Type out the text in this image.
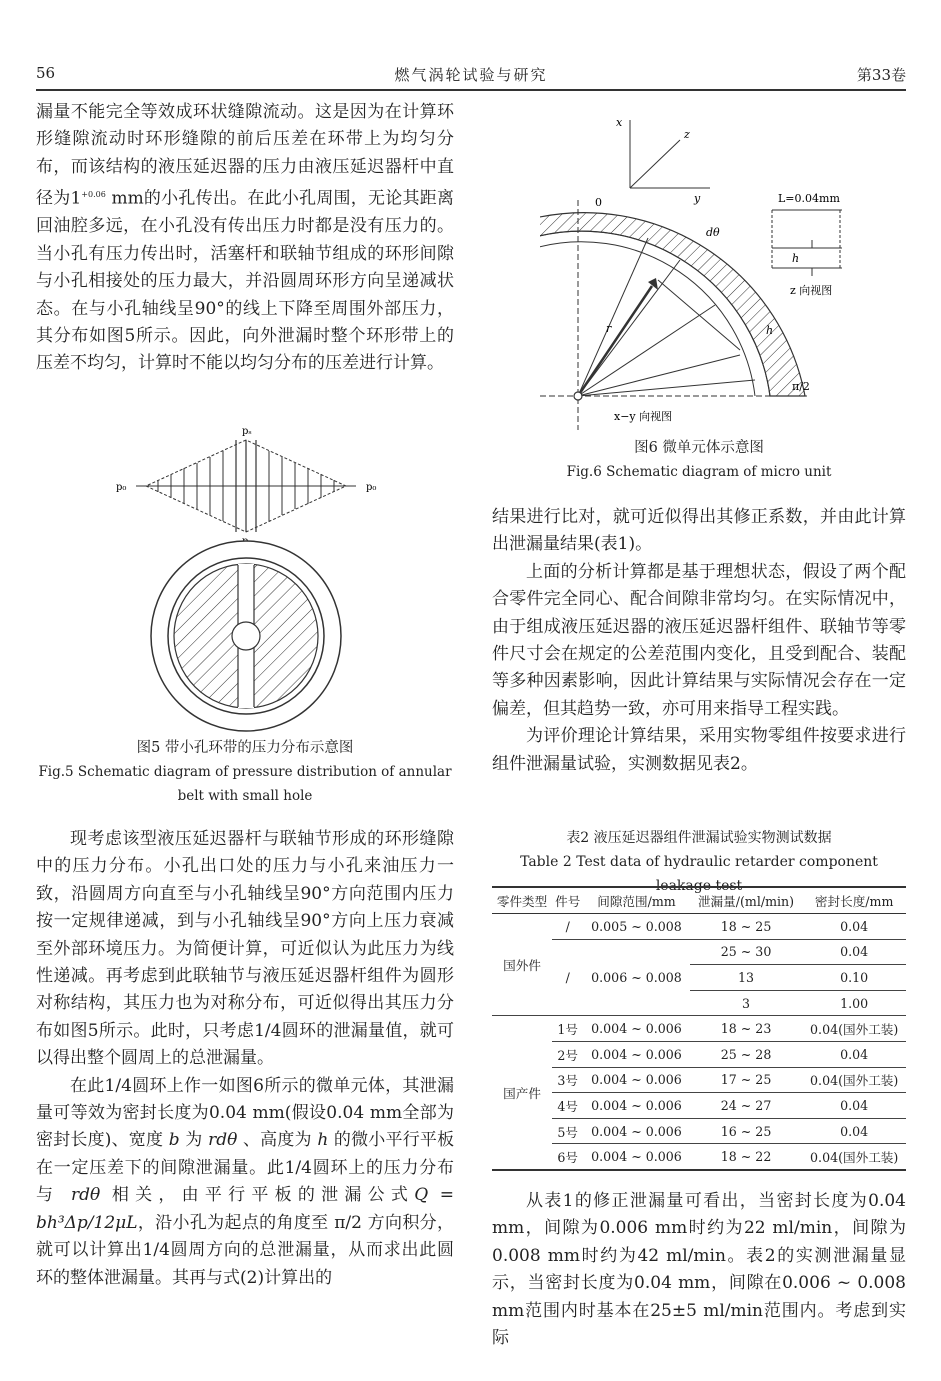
56	燃气涡轮试验与研究	第33卷

漏量不能完全等效成环状缝隙流动。这是因为在计算环形缝隙流动时环形缝隙的前后压差在环带上为均匀分布，而该结构的液压延迟器的压力由液压延迟器杆中直径为$1^{+0.06}$ mm的小孔传出。在此小孔周围，无论其距离回油腔多远，在小孔没有传出压力时都是没有压力的。当小孔有压力传出时，活塞杆和联轴节组成的环形间隙与小孔相接处的压力最大，并沿圆周环形方向呈递减状态。在与小孔轴线呈90°的线上下降至周围外部压力，其分布如图5所示。因此，向外泄漏时整个环形带上的压差不均匀，计算时不能以均匀分布的压差进行计算。

pₛ
p₀	p₀
图5 带小孔环带的压力分布示意图
Fig.5 Schematic diagram of pressure distribution of annular belt with small hole

现考虑该型液压延迟器杆与联轴节形成的环形缝隙中的压力分布。小孔出口处的压力与小孔来油压力一致，沿圆周方向直至与小孔轴线呈90°方向范围内压力按一定规律递减，到与小孔轴线呈90°方向上压力衰减至外部环境压力。为简便计算，可近似认为此压力为线性递减。再考虑到此联轴节与液压延迟器杆组件为圆形对称结构，其压力也为对称分布，可近似得出其压力分布如图5所示。此时，只考虑1/4圆环的泄漏量值，就可以得出整个圆周上的总泄漏量。

在此1/4圆环上作一如图6所示的微单元体，其泄漏量可等效为密封长度为0.04 mm(假设0.04 mm全部为密封长度)、宽度 b 为 rdθ 、高度为 h 的微小平行平板在一定压差下的间隙泄漏量。此1/4圆环上的压力分布与 rdθ 相关，由平行平板的泄漏公式Q = bh³Δp/12μL，沿小孔为起点的角度至 π/2 方向积分，就可以计算出1/4圆周方向的总泄漏量，从而求出此圆环的整体泄漏量。其再与式(2)计算出的

x
y
z
0
dθ
r	h
π/2
x−y 向视图
L=0.04mm
h
z 向视图
图6 微单元体示意图
Fig.6 Schematic diagram of micro unit

结果进行比对，就可近似得出其修正系数，并由此计算出泄漏量结果(表1)。

上面的分析计算都是基于理想状态，假设了两个配合零件完全同心、配合间隙非常均匀。在实际情况中，由于组成液压延迟器的液压延迟器杆组件、联轴节等零件尺寸会在规定的公差范围内变化，且受到配合、装配等多种因素影响，因此计算结果与实际情况会存在一定偏差，但其趋势一致，亦可用来指导工程实践。

为评价理论计算结果，采用实物零组件按要求进行组件泄漏量试验，实测数据见表2。

表2 液压延迟器组件泄漏试验实物测试数据
Table 2 Test data of hydraulic retarder component leakage test
零件类型	件号	间隙范围/mm	泄漏量/(ml/min)	密封长度/mm
国外件	/	0.005 ~ 0.008	18 ~ 25	0.04
	/	0.006 ~ 0.008	25 ~ 30	0.04
			13	0.10
			3	1.00
国产件	1号	0.004 ~ 0.006	18 ~ 23	0.04(国外工装)
	2号	0.004 ~ 0.006	25 ~ 28	0.04
	3号	0.004 ~ 0.006	17 ~ 25	0.04(国外工装)
	4号	0.004 ~ 0.006	24 ~ 27	0.04
	5号	0.004 ~ 0.006	16 ~ 25	0.04
	6号	0.004 ~ 0.006	18 ~ 22	0.04(国外工装)

从表1的修正泄漏量可看出，当密封长度为0.04 mm，间隙为0.006 mm时约为22 ml/min，间隙为0.008 mm时约为42 ml/min。表2的实测泄漏量显示，当密封长度为0.04 mm，间隙在0.006 ~ 0.008 mm范围内时基本在25±5 ml/min范围内。考虑到实际
